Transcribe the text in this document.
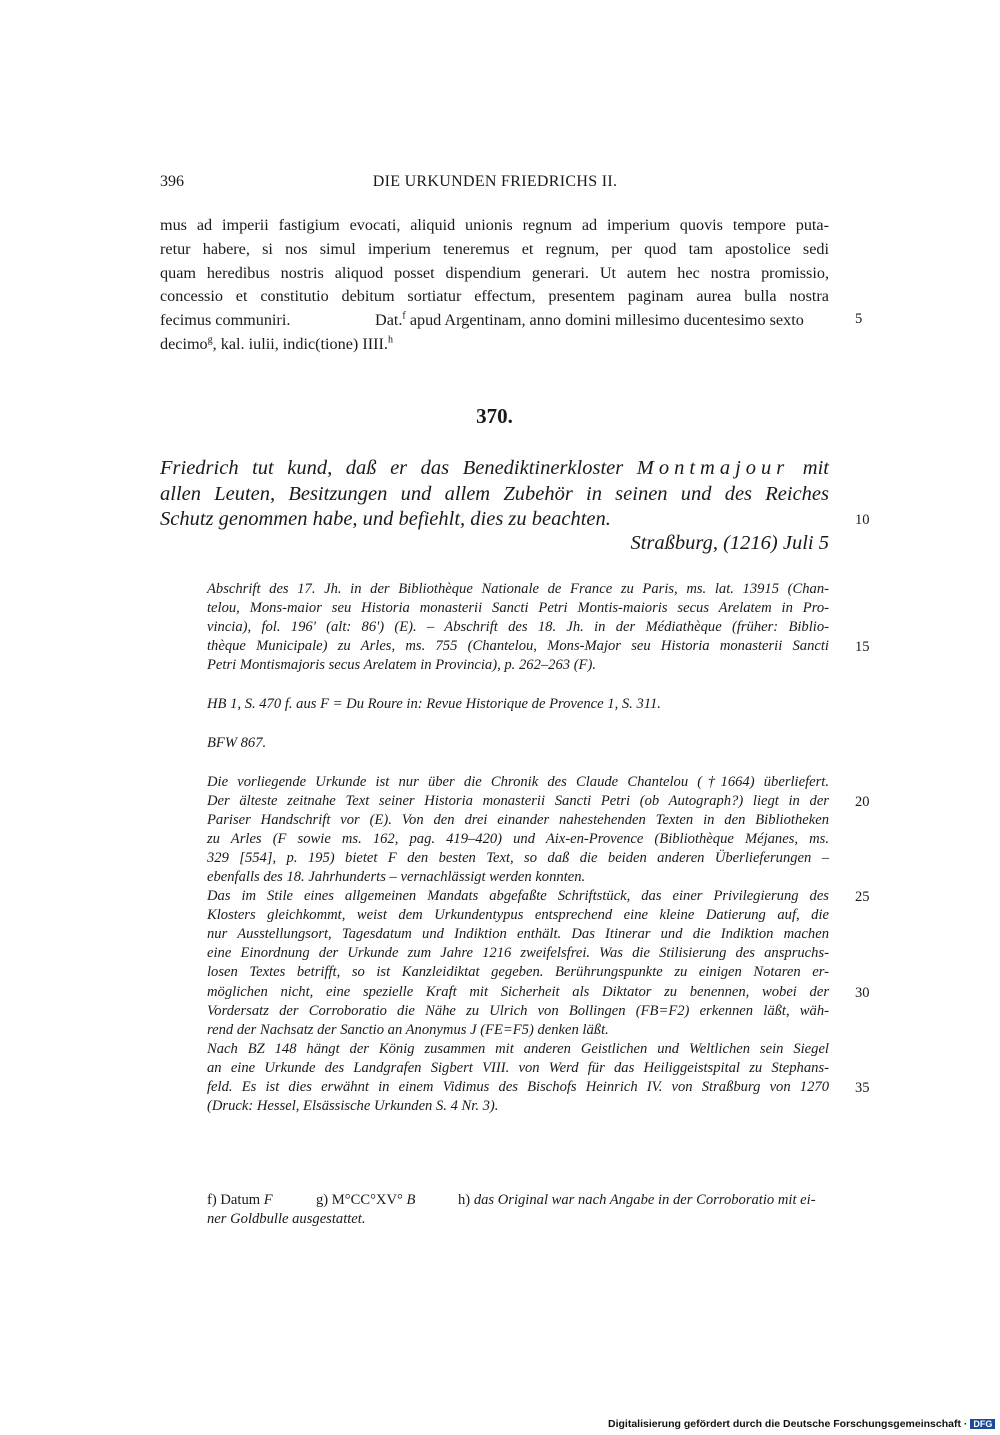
396	DIE URKUNDEN FRIEDRICHS II.
mus ad imperii fastigium evocati, aliquid unionis regnum ad imperium quovis tempore puta-
retur habere, si nos simul imperium teneremus et regnum, per quod tam apostolice sedi
quam heredibus nostris aliquod posset dispendium generari. Ut autem hec nostra promissio,
concessio et constitutio debitum sortiatur effectum, presentem paginam aurea bulla nostra
fecimus communiri.	Dat.$^f$ apud Argentinam, anno domini millesimo ducentesimo sexto	5
decimo$^g$, kal. iulii, indic(tione) IIII.$^h$
370.
Friedrich tut kund, daß er das Benediktinerkloster Montmajour mit
allen Leuten, Besitzungen und allem Zubehör in seinen und des Reiches
Schutz genommen habe, und befiehlt, dies zu beachten.	10
Straßburg, (1216) Juli 5
Abschrift des 17. Jh. in der Bibliothèque Nationale de France zu Paris, ms. lat. 13915 (Chan-
telou, Mons-maior seu Historia monasterii Sancti Petri Montis-maioris secus Arelatem in Pro-
vincia), fol. 196' (alt: 86') (E). – Abschrift des 18. Jh. in der Médiathèque (früher: Biblio-
thèque Municipale) zu Arles, ms. 755 (Chantelou, Mons-Major seu Historia monasterii Sancti 15
Petri Montismajoris secus Arelatem in Provincia), p. 262–263 (F).
HB 1, S. 470 f. aus F = Du Roure in: Revue Historique de Provence 1, S. 311.
BFW 867.
Die vorliegende Urkunde ist nur über die Chronik des Claude Chantelou (†1664) überliefert.
Der älteste zeitnahe Text seiner Historia monasterii Sancti Petri (ob Autograph?) liegt in der 20
Pariser Handschrift vor (E). Von den drei einander nahestehenden Texten in den Bibliotheken
zu Arles (F sowie ms. 162, pag. 419–420) und Aix-en-Provence (Bibliothèque Méjanes, ms.
329 [554], p. 195) bietet F den besten Text, so daß die beiden anderen Überlieferungen –
ebenfalls des 18. Jahrhunderts – vernachlässigt werden konnten.
Das im Stile eines allgemeinen Mandats abgefaßte Schriftstück, das einer Privilegierung des 25
Klosters gleichkommt, weist dem Urkundentypus entsprechend eine kleine Datierung auf, die
nur Ausstellungsort, Tagesdatum und Indiktion enthält. Das Itinerar und die Indiktion machen
eine Einordnung der Urkunde zum Jahre 1216 zweifelsfrei. Was die Stilisierung des anspruchs-
losen Textes betrifft, so ist Kanzleidiktat gegeben. Berührungspunkte zu einigen Notaren er-
möglichen nicht, eine spezielle Kraft mit Sicherheit als Diktator zu benennen, wobei der 30
Vordersatz der Corroboratio die Nähe zu Ulrich von Bollingen (FB=F2) erkennen läßt, wäh-
rend der Nachsatz der Sanctio an Anonymus J (FE=F5) denken läßt.
Nach BZ 148 hängt der König zusammen mit anderen Geistlichen und Weltlichen sein Siegel
an eine Urkunde des Landgrafen Sigbert VIII. von Werd für das Heiliggeistspital zu Stephans-
feld. Es ist dies erwähnt in einem Vidimus des Bischofs Heinrich IV. von Straßburg von 1270 35
(Druck: Hessel, Elsässische Urkunden S. 4 Nr. 3).
f) Datum F	g) M°CC°XV° B	h) das Original war nach Angabe in der Corroboratio mit ei-
ner Goldbulle ausgestattet.
Digitalisierung gefördert durch die Deutsche Forschungsgemeinschaft · DFG
